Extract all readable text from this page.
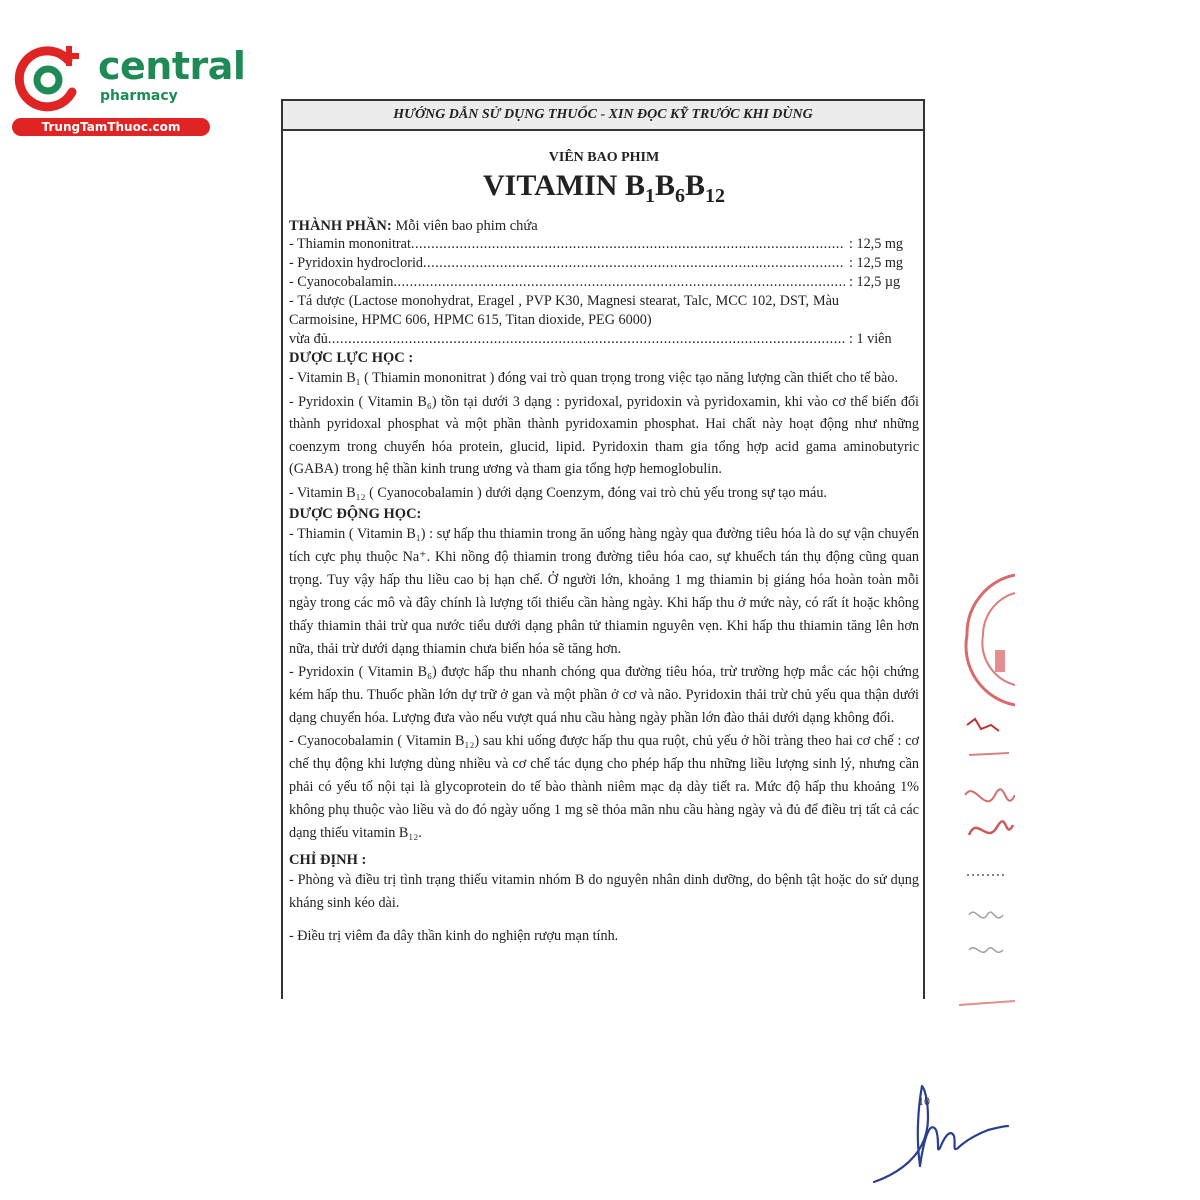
central
pharmacy
TrungTamThuoc.com
HƯỚNG DẪN SỬ DỤNG THUỐC - XIN ĐỌC KỸ TRƯỚC KHI DÙNG
VIÊN BAO PHIM
VITAMIN $B_1B_6B_{12}$
THÀNH PHẦN: Mỗi viên bao phim chứa
- Thiamin mononitrat .....	: 12,5 mg
- Pyridoxin hydroclorid .....	: 12,5 mg
- Cyanocobalamin .....	: 12,5 µg

- Tá dược (Lactose monohydrat, Eragel , PVP K30, Magnesi stearat, Talc, MCC 102, DST, Màu Carmoisine, HPMC 606, HPMC 615, Titan dioxide, PEG 6000)

vừa đủ .....	: 1 viên
DƯỢC LỰC HỌC :

- Vitamin B₁ ( Thiamin mononitrat ) đóng vai trò quan trọng trong việc tạo năng lượng cần thiết cho tế bào.

- Pyridoxin ( Vitamin B₆) tồn tại dưới 3 dạng : pyridoxal, pyridoxin và pyridoxamin, khi vào cơ thể biến đổi thành pyridoxal phosphat và một phần thành pyridoxamin phosphat. Hai chất này hoạt động như những coenzym trong chuyển hóa protein, glucid, lipid. Pyridoxin tham gia tổng hợp acid gama aminobutyric (GABA) trong hệ thần kinh trung ương và tham gia tổng hợp hemoglobulin.

- Vitamin B₁₂ ( Cyanocobalamin ) dưới dạng Coenzym, đóng vai trò chủ yếu trong sự tạo máu.

DƯỢC ĐỘNG HỌC:

- Thiamin ( Vitamin B₁) : sự hấp thu thiamin trong ăn uống hàng ngày qua đường tiêu hóa là do sự vận chuyển tích cực phụ thuộc Na⁺. Khi nồng độ thiamin trong đường tiêu hóa cao, sự khuếch tán thụ động cũng quan trọng. Tuy vậy hấp thu liều cao bị hạn chế. Ở người lớn, khoảng 1 mg thiamin bị giáng hóa hoàn toàn mỗi ngày trong các mô và đây chính là lượng tối thiểu cần hàng ngày. Khi hấp thu ở mức này, có rất ít hoặc không thấy thiamin thải trừ qua nước tiểu dưới dạng phân tử thiamin nguyên vẹn. Khi hấp thu thiamin tăng lên hơn nữa, thải trừ dưới dạng thiamin chưa biến hóa sẽ tăng hơn.

- Pyridoxin ( Vitamin B₆) được hấp thu nhanh chóng qua đường tiêu hóa, trừ trường hợp mắc các hội chứng kém hấp thu. Thuốc phần lớn dự trữ ở gan và một phần ở cơ và não. Pyridoxin thải trừ chủ yếu qua thận dưới dạng chuyển hóa. Lượng đưa vào nếu vượt quá nhu cầu hàng ngày phần lớn đào thải dưới dạng không đổi.

- Cyanocobalamin ( Vitamin B₁₂) sau khi uống được hấp thu qua ruột, chủ yếu ở hồi tràng theo hai cơ chế : cơ chế thụ động khi lượng dùng nhiều và cơ chế tác dụng cho phép hấp thu những liều lượng sinh lý, nhưng cần phải có yếu tố nội tại là glycoprotein do tế bào thành niêm mạc dạ dày tiết ra. Mức độ hấp thu khoảng 1% không phụ thuộc vào liều và do đó ngày uống 1 mg sẽ thỏa mãn nhu cầu hàng ngày và đủ để điều trị tất cả các dạng thiếu vitamin B₁₂.

CHỈ ĐỊNH :

- Phòng và điều trị tình trạng thiếu vitamin nhóm B do nguyên nhân dinh dưỡng, do bệnh tật hoặc do sử dụng kháng sinh kéo dài.

- Điều trị viêm đa dây thần kinh do nghiện rượu mạn tính.

10
